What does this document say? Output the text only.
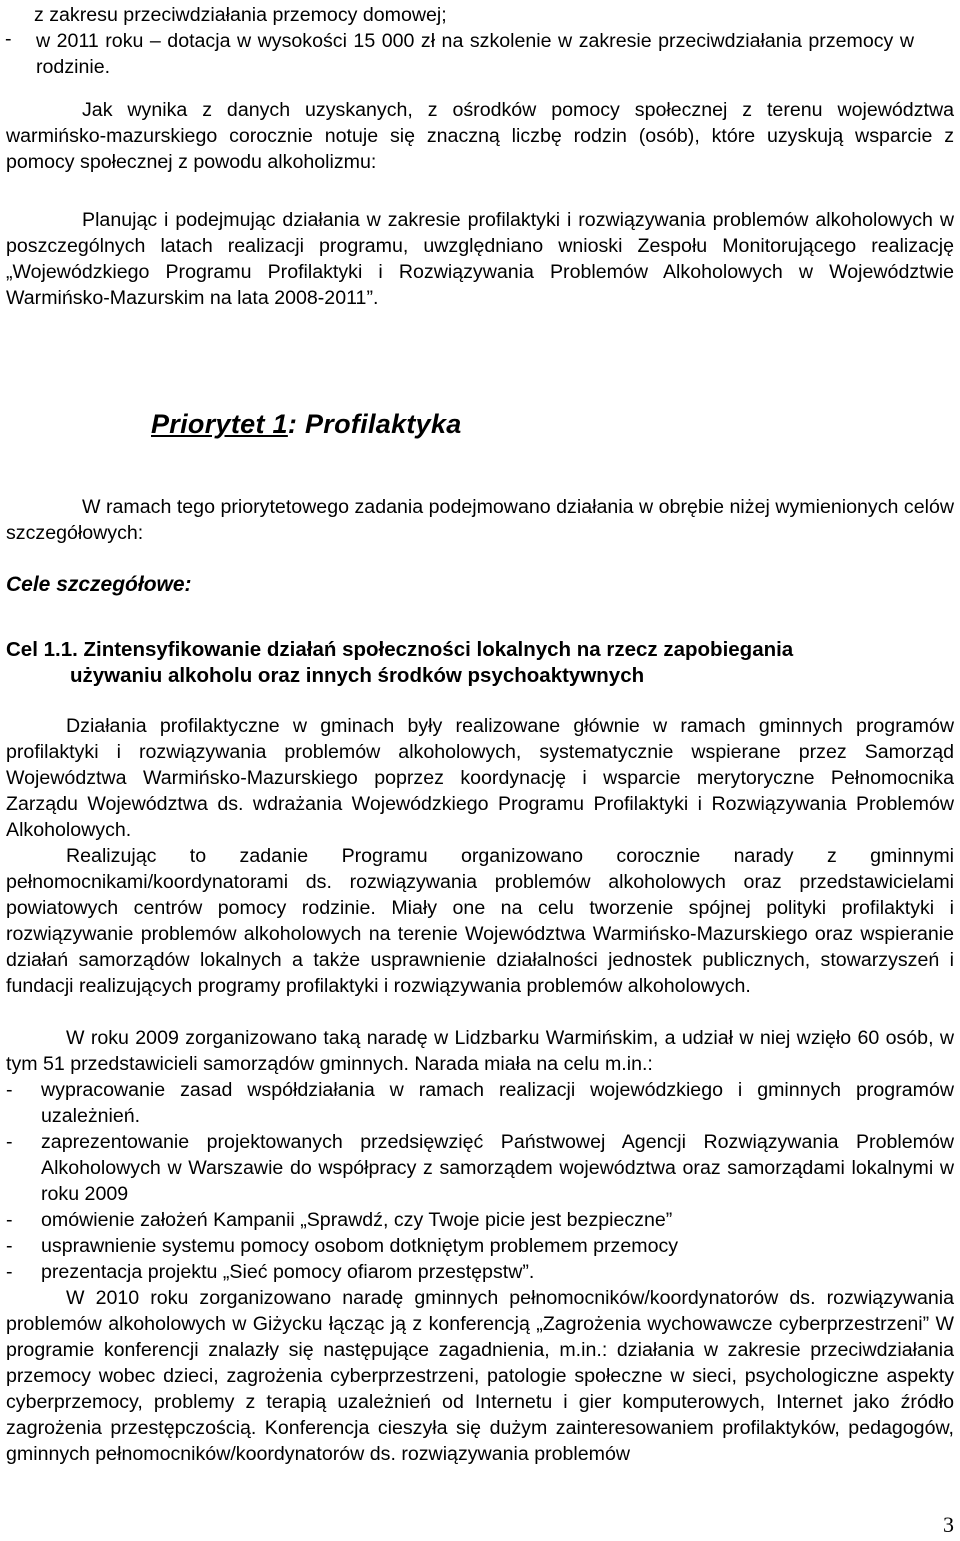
z zakresu przeciwdziałania przemocy domowej;

-	w 2011 roku – dotacja w wysokości 15 000 zł na szkolenie w zakresie przeciwdziałania przemocy w rodzinie.

Jak wynika z danych uzyskanych, z ośrodków pomocy społecznej z terenu województwa warmińsko-mazurskiego corocznie notuje się znaczną liczbę rodzin (osób), które uzyskują wsparcie z pomocy społecznej z powodu alkoholizmu:

Planując i podejmując działania w zakresie profilaktyki i rozwiązywania problemów alkoholowych w poszczególnych latach realizacji programu, uwzględniano wnioski Zespołu Monitorującego realizację „Wojewódzkiego Programu Profilaktyki i Rozwiązywania Problemów Alkoholowych w Województwie Warmińsko-Mazurskim na lata 2008-2011”.

Priorytet 1: Profilaktyka

W ramach tego priorytetowego zadania podejmowano działania w obrębie niżej wymienionych celów szczegółowych:

Cele szczegółowe:
Cel 1.1. Zintensyfikowanie działań społeczności lokalnych na rzecz zapobiegania
używaniu alkoholu oraz innych środków psychoaktywnych

Działania profilaktyczne w gminach były realizowane głównie w ramach gminnych programów profilaktyki i rozwiązywania problemów alkoholowych, systematycznie wspierane przez Samorząd Województwa Warmińsko-Mazurskiego poprzez koordynację i wsparcie merytoryczne Pełnomocnika Zarządu Województwa ds. wdrażania Wojewódzkiego Programu Profilaktyki i Rozwiązywania Problemów Alkoholowych.

Realizując to zadanie Programu organizowano corocznie narady z gminnymi pełnomocnikami/koordynatorami ds. rozwiązywania problemów alkoholowych oraz przedstawicielami powiatowych centrów pomocy rodzinie. Miały one na celu tworzenie spójnej polityki profilaktyki i rozwiązywanie problemów alkoholowych na terenie Województwa Warmińsko-Mazurskiego oraz wspieranie działań samorządów lokalnych a także usprawnienie działalności jednostek publicznych, stowarzyszeń i fundacji realizujących programy profilaktyki i rozwiązywania problemów alkoholowych.

W roku 2009 zorganizowano taką naradę w Lidzbarku Warmińskim, a udział w niej wzięło 60 osób, w tym 51 przedstawicieli samorządów gminnych. Narada miała na celu m.in.:

-	wypracowanie zasad współdziałania w ramach realizacji wojewódzkiego i gminnych programów uzależnień.
-	zaprezentowanie projektowanych przedsięwzięć Państwowej Agencji Rozwiązywania Problemów Alkoholowych w Warszawie do współpracy z samorządem województwa oraz samorządami lokalnymi w roku 2009
-	omówienie założeń Kampanii „Sprawdź, czy Twoje picie jest bezpieczne”
-	usprawnienie systemu pomocy osobom dotkniętym problemem przemocy
-	prezentacja projektu „Sieć pomocy ofiarom przestępstw”.

W 2010 roku zorganizowano naradę gminnych pełnomocników/koordynatorów ds. rozwiązywania problemów alkoholowych w Giżycku łącząc ją z konferencją „Zagrożenia wychowawcze cyberprzestrzeni” W programie konferencji znalazły się następujące zagadnienia, m.in.: działania w zakresie przeciwdziałania przemocy wobec dzieci, zagrożenia cyberprzestrzeni, patologie społeczne w sieci, psychologiczne aspekty cyberprzemocy, problemy z terapią uzależnień od Internetu i gier komputerowych, Internet jako źródło zagrożenia przestępczością. Konferencja cieszyła się dużym zainteresowaniem profilaktyków, pedagogów, gminnych pełnomocników/koordynatorów ds. rozwiązywania problemów

3
